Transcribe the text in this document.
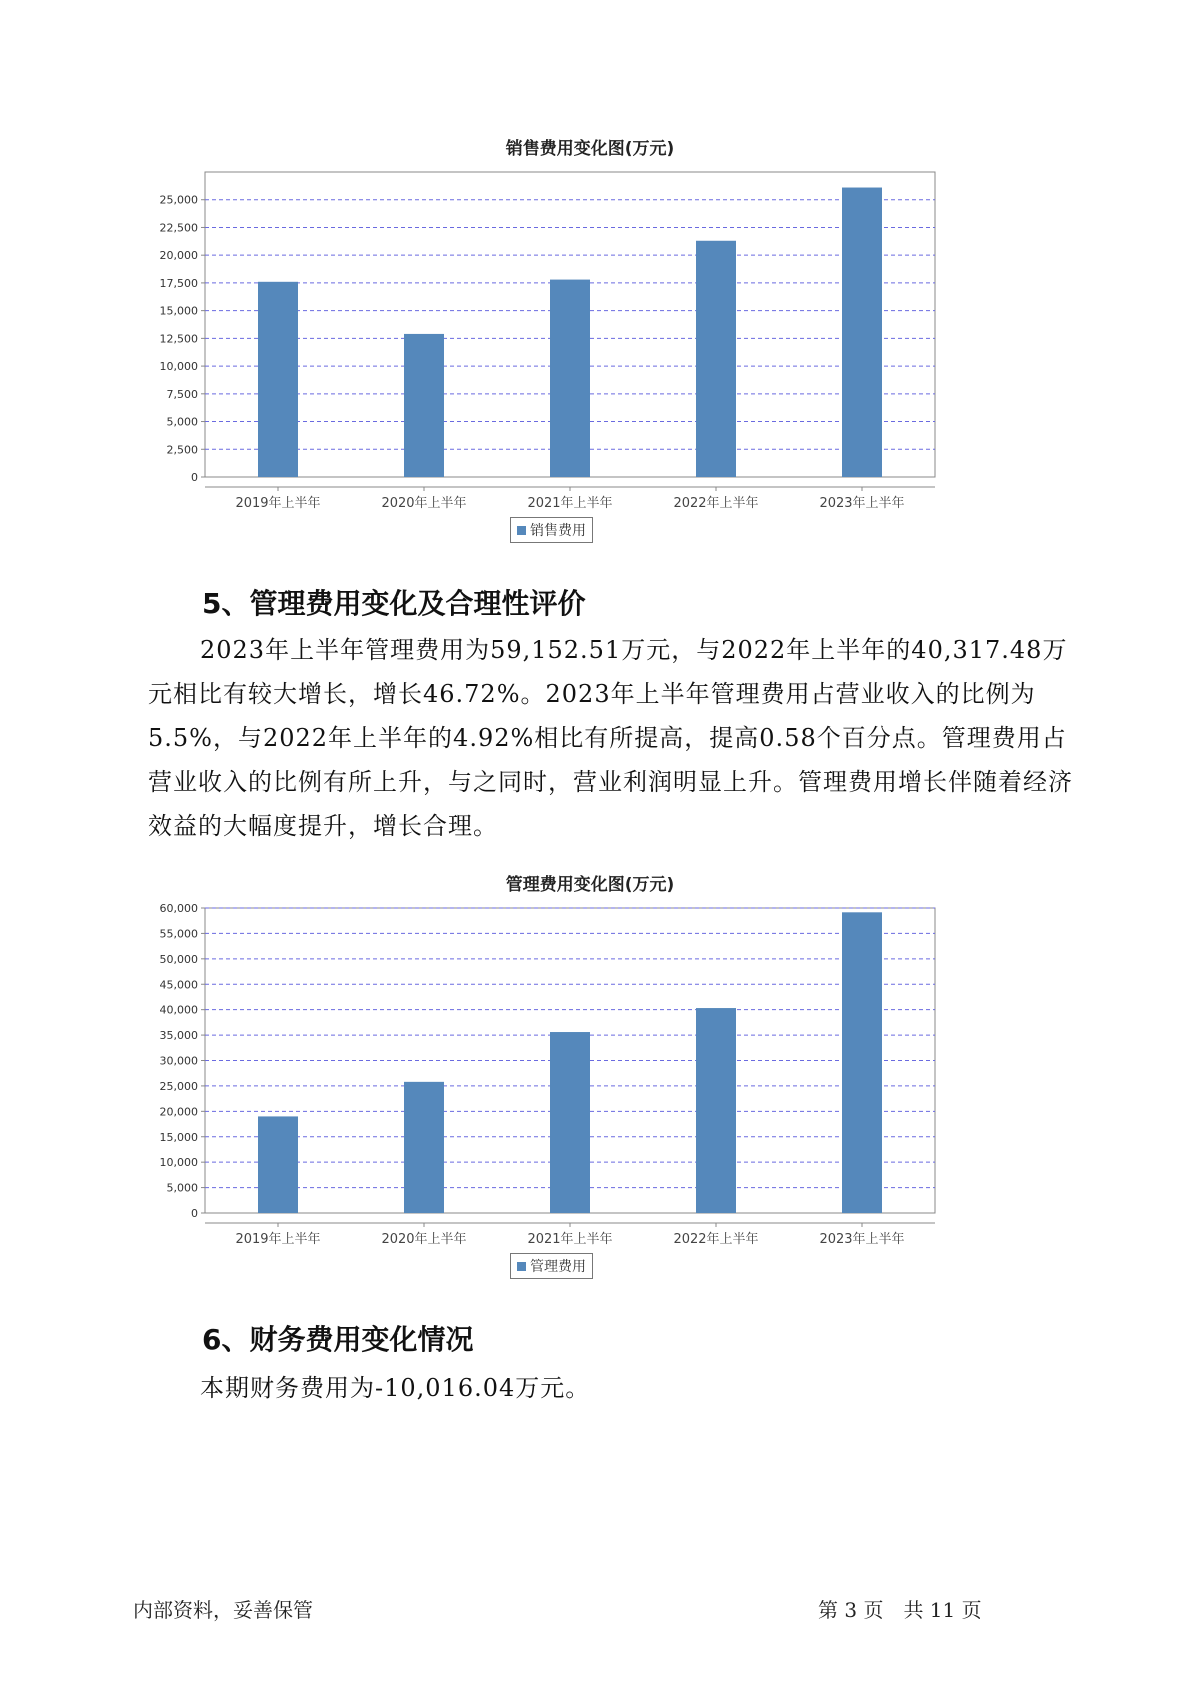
销售费用变化图(万元)
0
2,500
5,000
7,500
10,000
12,500
15,000
17,500
20,000
22,500
25,000
2019年上半年	2020年上半年	2021年上半年	2022年上半年	2023年上半年
销售费用
5、管理费用变化及合理性评价

2023年上半年管理费用为59,152.51万元，与2022年上半年的40,317.48万元相比有较大增长，增长46.72%。2023年上半年管理费用占营业收入的比例为5.5%，与2022年上半年的4.92%相比有所提高，提高0.58个百分点。管理费用占营业收入的比例有所上升，与之同时，营业利润明显上升。管理费用增长伴随着经济效益的大幅度提升，增长合理。

管理费用变化图(万元)
0
5,000
10,000
15,000
20,000
25,000
30,000
35,000
40,000
45,000
50,000
55,000
60,000
2019年上半年	2020年上半年	2021年上半年	2022年上半年	2023年上半年
管理费用
6、财务费用变化情况

本期财务费用为-10,016.04万元。

内部资料，妥善保管	第 3 页　共 11 页
